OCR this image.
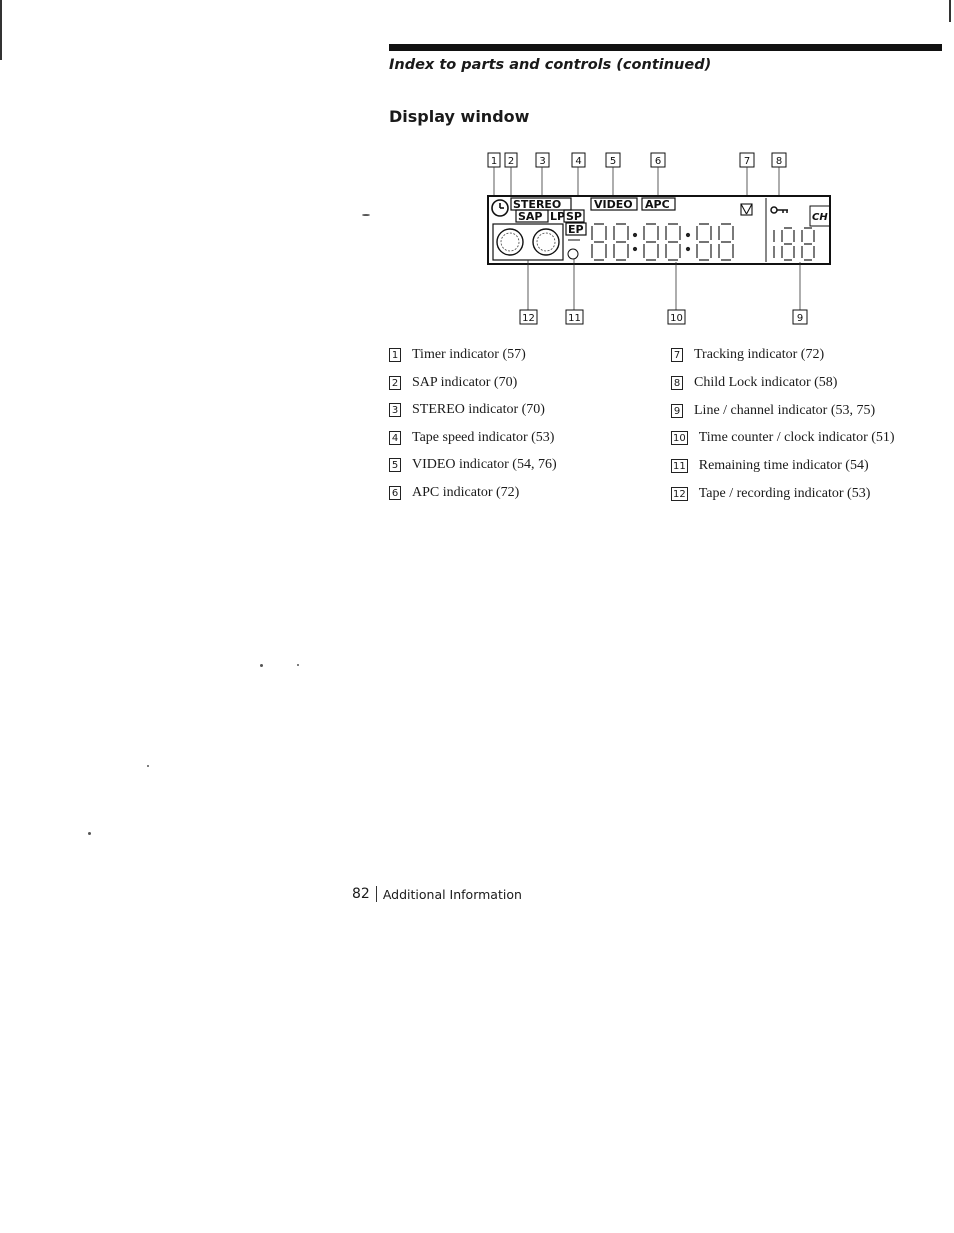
Index to parts and controls (continued)
Display window
1 2	3	4	5	6	7	8
STEREO
SAP LP SP
EP
VIDEO APC
CH
12	11	10	9
1 Timer indicator (57)
2 SAP indicator (70)
3 STEREO indicator (70)
4 Tape speed indicator (53)
5 VIDEO indicator (54, 76)
6 APC indicator (72)
7 Tracking indicator (72)
8 Child Lock indicator (58)
9 Line / channel indicator (53, 75)
10 Time counter / clock indicator (51)
11 Remaining time indicator (54)
12 Tape / recording indicator (53)
82 Additional Information
